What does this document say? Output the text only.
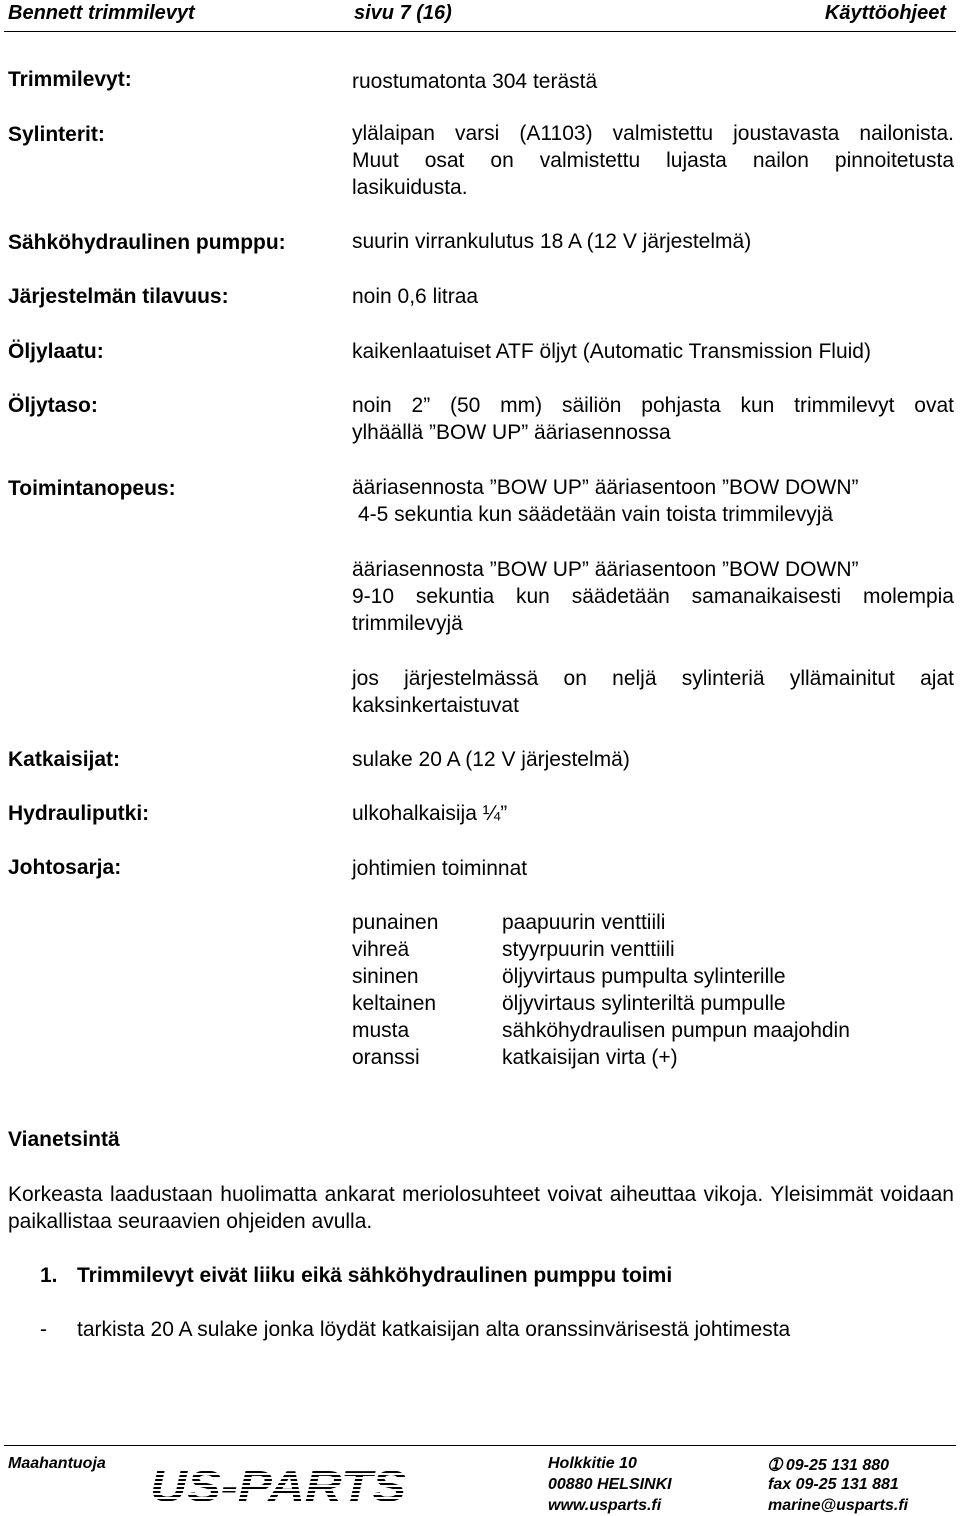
Bennett trimmilevyt	sivu 7 (16)	Käyttöohjeet
Trimmilevyt:	ruostumatonta 304 terästä
Sylinterit:	ylälaipan varsi (A1103) valmistettu joustavasta nailonista.
Muut osat on valmistettu lujasta nailon pinnoitetusta
lasikuidusta.
Sähköhydraulinen pumppu:	suurin virrankulutus 18 A (12 V järjestelmä)
Järjestelmän tilavuus:	noin 0,6 litraa
Öljylaatu:	kaikenlaatuiset ATF öljyt (Automatic Transmission Fluid)
Öljytaso:	noin 2” (50 mm) säiliön pohjasta kun trimmilevyt ovat
ylhäällä ”BOW UP” ääriasennossa
Toimintanopeus:	ääriasennosta ”BOW UP” ääriasentoon ”BOW DOWN”
4-5 sekuntia kun säädetään vain toista trimmilevyjä
ääriasennosta ”BOW UP” ääriasentoon ”BOW DOWN”
9-10 sekuntia kun säädetään samanaikaisesti molempia
trimmilevyjä
jos järjestelmässä on neljä sylinteriä yllämainitut ajat
kaksinkertaistuvat
Katkaisijat:	sulake 20 A (12 V järjestelmä)
Hydrauliputki:	ulkohalkaisija ¼”
Johtosarja:	johtimien toiminnat
punainen	paapuurin venttiili
vihreä	styyrpuurin venttiili
sininen	öljyvirtaus pumpulta sylinterille
keltainen	öljyvirtaus sylinteriltä pumpulle
musta	sähköhydraulisen pumpun maajohdin
oranssi	katkaisijan virta (+)
Vianetsintä
Korkeasta laadustaan huolimatta ankarat meriolosuhteet voivat aiheuttaa vikoja. Yleisimmät voidaan paikallistaa seuraavien ohjeiden avulla.
1. Trimmilevyt eivät liiku eikä sähköhydraulinen pumppu toimi
- tarkista 20 A sulake jonka löydät katkaisijan alta oranssinvärisestä johtimesta
Maahantuoja US-PARTS	Holkkitie 10
00880 HELSINKI
www.usparts.fi
➀ 09-25 131 880
fax 09-25 131 881
marine@usparts.fi
